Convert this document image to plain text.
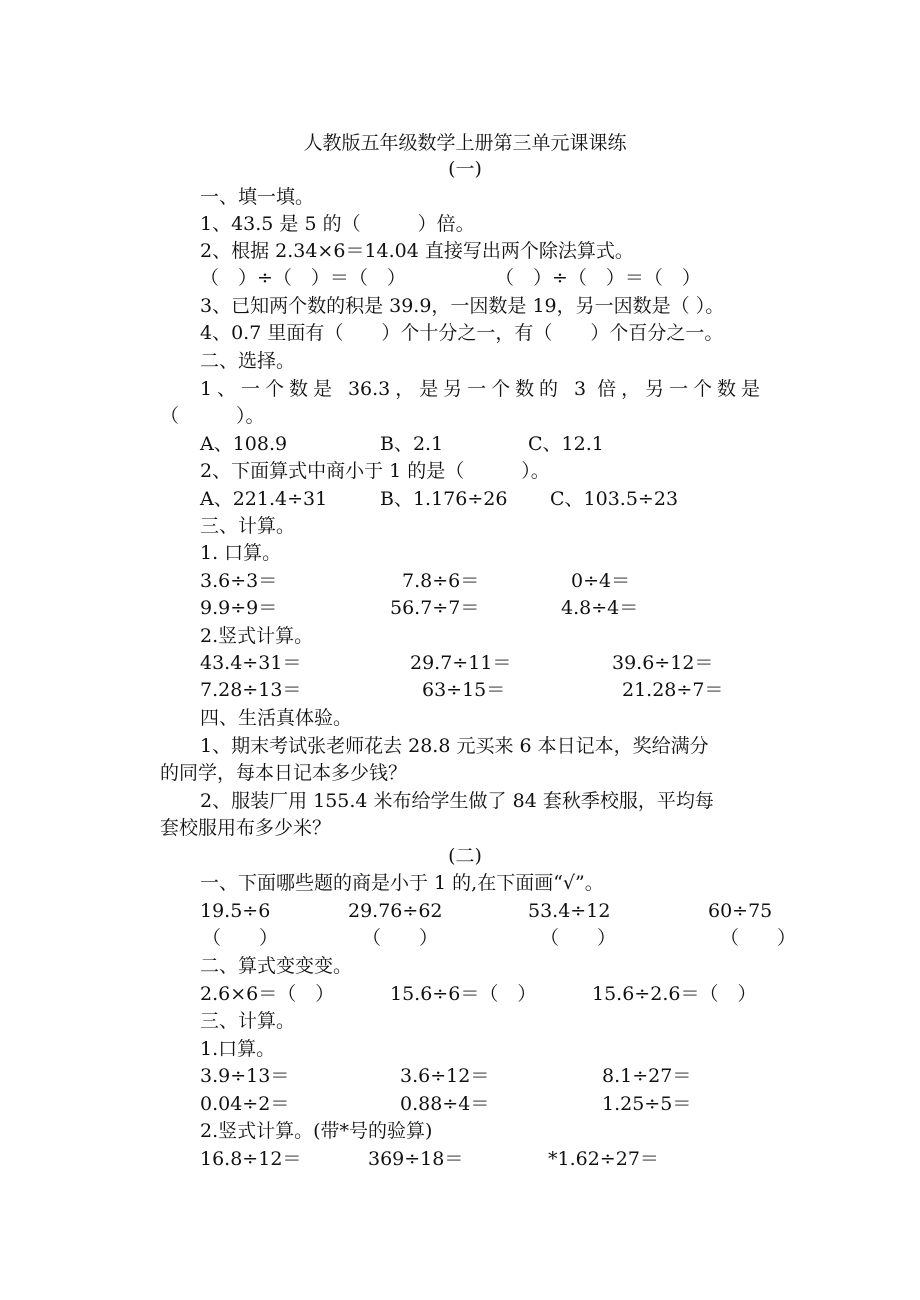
人教版五年级数学上册第三单元课课练
(一)
一、填一填。
1、43.5 是 5 的（　　　）倍。
2、根据 2.34×6＝14.04 直接写出两个除法算式。
（　）÷（　）＝（　）	（　）÷（　）＝（　）
3、已知两个数的积是 39.9，一因数是 19，另一因数是（ ）。
4、0.7 里面有（　　）个十分之一，有（　　）个百分之一。
二、选择。
1、一个数是 36.3，是另一个数的 3 倍，另一个数是
（　　　）。
A、108.9	B、2.1	C、12.1
2、下面算式中商小于 1 的是（　　　）。
A、221.4÷31	B、1.176÷26 C、103.5÷23
三、计算。
1. 口算。
3.6÷3＝	7.8÷6＝	0÷4＝
9.9÷9＝	56.7÷7＝	4.8÷4＝
2.竖式计算。
43.4÷31＝	29.7÷11＝	39.6÷12＝
7.28÷13＝	63÷15＝	21.28÷7＝
四、生活真体验。
1、期末考试张老师花去 28.8 元买来 6 本日记本，奖给满分
的同学，每本日记本多少钱？
2、服装厂用 155.4 米布给学生做了 84 套秋季校服，平均每
套校服用布多少米？
(二)
一、下面哪些题的商是小于 1 的,在下面画“√”。
19.5÷6	29.76÷62	53.4÷12	60÷75
（　　）	（　　）	（　　）	（　　）
二、算式变变变。
2.6×6＝（　）	15.6÷6＝（　）	15.6÷2.6＝（　）
三、计算。
1.口算。
3.9÷13＝	3.6÷12＝	8.1÷27＝
0.04÷2＝	0.88÷4＝	1.25÷5＝
2.竖式计算。(带*号的验算)
16.8÷12＝	369÷18＝	*1.62÷27＝
